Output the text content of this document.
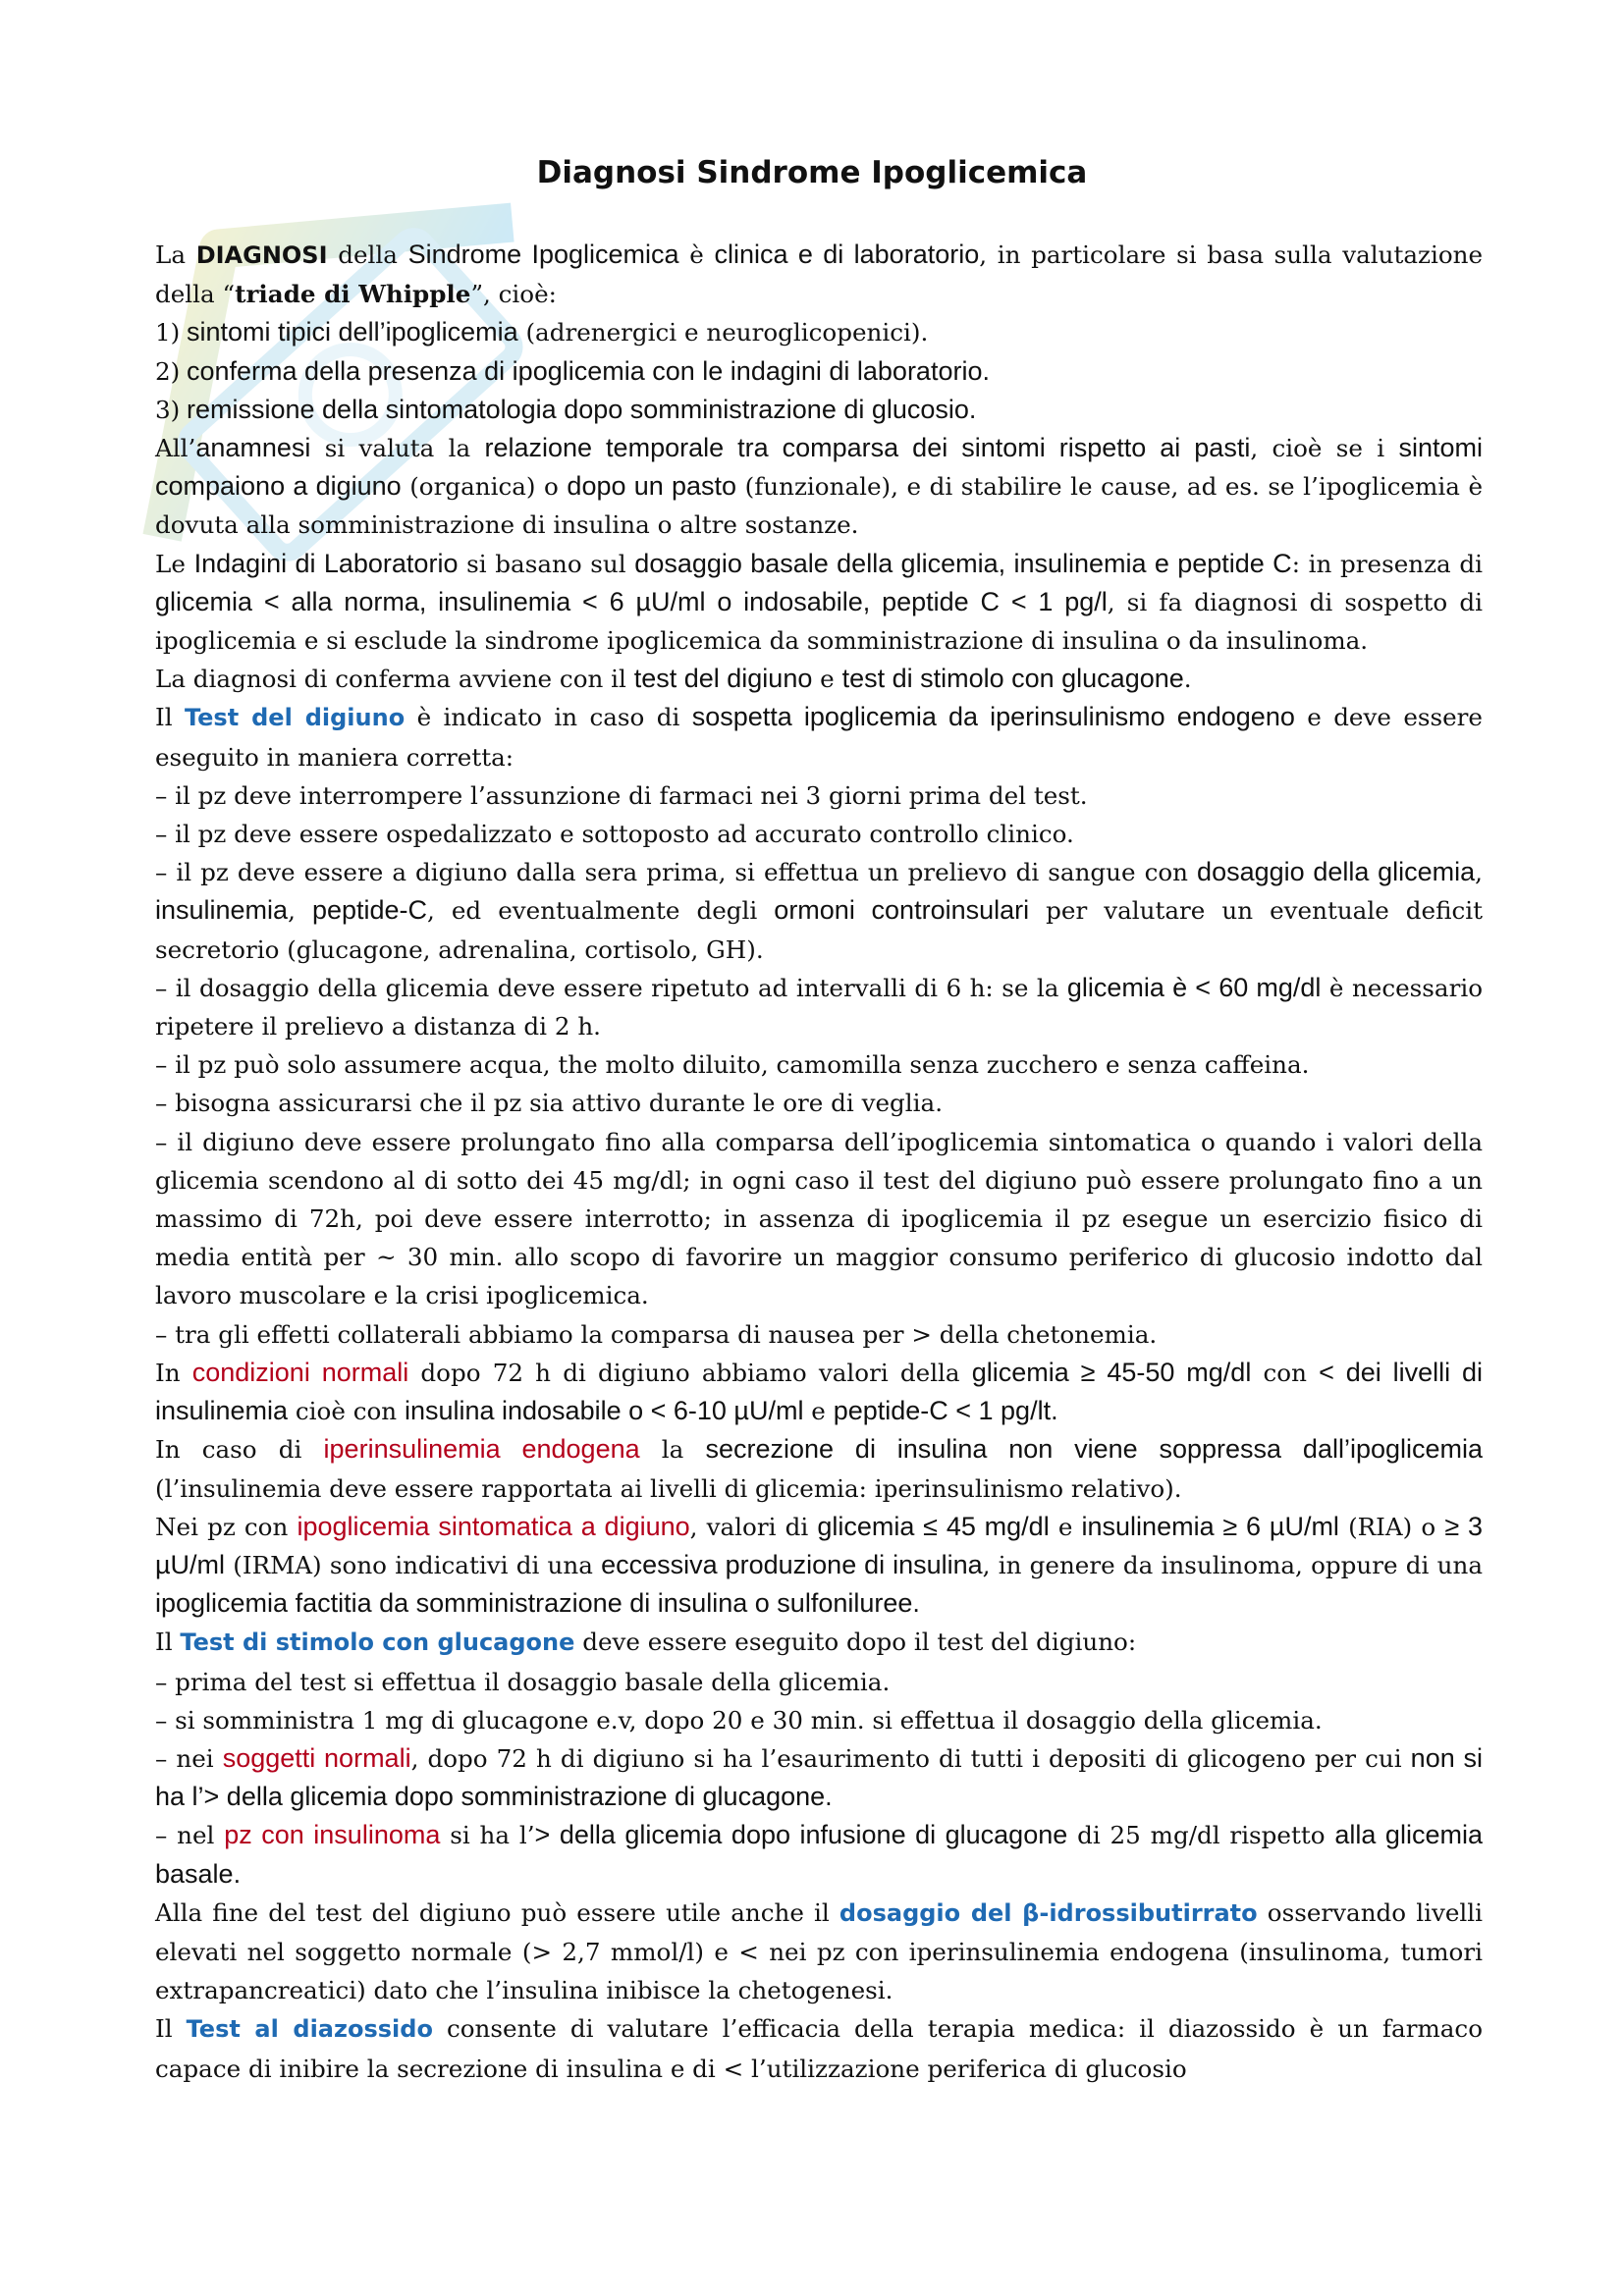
Diagnosi Sindrome Ipoglicemica

La DIAGNOSI della Sindrome Ipoglicemica è clinica e di laboratorio, in particolare si basa sulla valutazione della “triade di Whipple”, cioè:

1) sintomi tipici dell’ipoglicemia (adrenergici e neuroglicopenici).

2) conferma della presenza di ipoglicemia con le indagini di laboratorio.

3) remissione della sintomatologia dopo somministrazione di glucosio.

All’anamnesi si valuta la relazione temporale tra comparsa dei sintomi rispetto ai pasti, cioè se i sintomi compaiono a digiuno (organica) o dopo un pasto (funzionale), e di stabilire le cause, ad es. se l’ipoglicemia è dovuta alla somministrazione di insulina o altre sostanze.

Le Indagini di Laboratorio si basano sul dosaggio basale della glicemia, insulinemia e peptide C: in presenza di glicemia < alla norma, insulinemia < 6 µU/ml o indosabile, peptide C < 1 pg/l, si fa diagnosi di sospetto di ipoglicemia e si esclude la sindrome ipoglicemica da somministrazione di insulina o da insulinoma.

La diagnosi di conferma avviene con il test del digiuno e test di stimolo con glucagone.

Il Test del digiuno è indicato in caso di sospetta ipoglicemia da iperinsulinismo endogeno e deve essere eseguito in maniera corretta:

– il pz deve interrompere l’assunzione di farmaci nei 3 giorni prima del test.

– il pz deve essere ospedalizzato e sottoposto ad accurato controllo clinico.

– il pz deve essere a digiuno dalla sera prima, si effettua un prelievo di sangue con dosaggio della glicemia, insulinemia, peptide-C, ed eventualmente degli ormoni controinsulari per valutare un eventuale deficit secretorio (glucagone, adrenalina, cortisolo, GH).

– il dosaggio della glicemia deve essere ripetuto ad intervalli di 6 h: se la glicemia è < 60 mg/dl è necessario ripetere il prelievo a distanza di 2 h.

– il pz può solo assumere acqua, the molto diluito, camomilla senza zucchero e senza caffeina.

– bisogna assicurarsi che il pz sia attivo durante le ore di veglia.

– il digiuno deve essere prolungato fino alla comparsa dell’ipoglicemia sintomatica o quando i valori della glicemia scendono al di sotto dei 45 mg/dl; in ogni caso il test del digiuno può essere prolungato fino a un massimo di 72h, poi deve essere interrotto; in assenza di ipoglicemia il pz esegue un esercizio fisico di media entità per ~ 30 min. allo scopo di favorire un maggior consumo periferico di glucosio indotto dal lavoro muscolare e la crisi ipoglicemica.

– tra gli effetti collaterali abbiamo la comparsa di nausea per > della chetonemia.

In condizioni normali dopo 72 h di digiuno abbiamo valori della glicemia ≥ 45-50 mg/dl con < dei livelli di insulinemia cioè con insulina indosabile o < 6-10 µU/ml e peptide-C < 1 pg/lt.

In caso di iperinsulinemia endogena la secrezione di insulina non viene soppressa dall’ipoglicemia (l’insulinemia deve essere rapportata ai livelli di glicemia: iperinsulinismo relativo).

Nei pz con ipoglicemia sintomatica a digiuno, valori di glicemia ≤ 45 mg/dl e insulinemia ≥ 6 µU/ml (RIA) o ≥ 3 µU/ml (IRMA) sono indicativi di una eccessiva produzione di insulina, in genere da insulinoma, oppure di una ipoglicemia factitia da somministrazione di insulina o sulfoniluree.

Il Test di stimolo con glucagone deve essere eseguito dopo il test del digiuno:

– prima del test si effettua il dosaggio basale della glicemia.

– si somministra 1 mg di glucagone e.v, dopo 20 e 30 min. si effettua il dosaggio della glicemia.

– nei soggetti normali, dopo 72 h di digiuno si ha l’esaurimento di tutti i depositi di glicogeno per cui non si ha l’> della glicemia dopo somministrazione di glucagone.

– nel pz con insulinoma si ha l’> della glicemia dopo infusione di glucagone di 25 mg/dl rispetto alla glicemia basale.

Alla fine del test del digiuno può essere utile anche il dosaggio del β-idrossibutirrato osservando livelli elevati nel soggetto normale (> 2,7 mmol/l) e < nei pz con iperinsulinemia endogena (insulinoma, tumori extrapancreatici) dato che l’insulina inibisce la chetogenesi.

Il Test al diazossido consente di valutare l’efficacia della terapia medica: il diazossido è un farmaco capace di inibire la secrezione di insulina e di < l’utilizzazione periferica di glucosio
